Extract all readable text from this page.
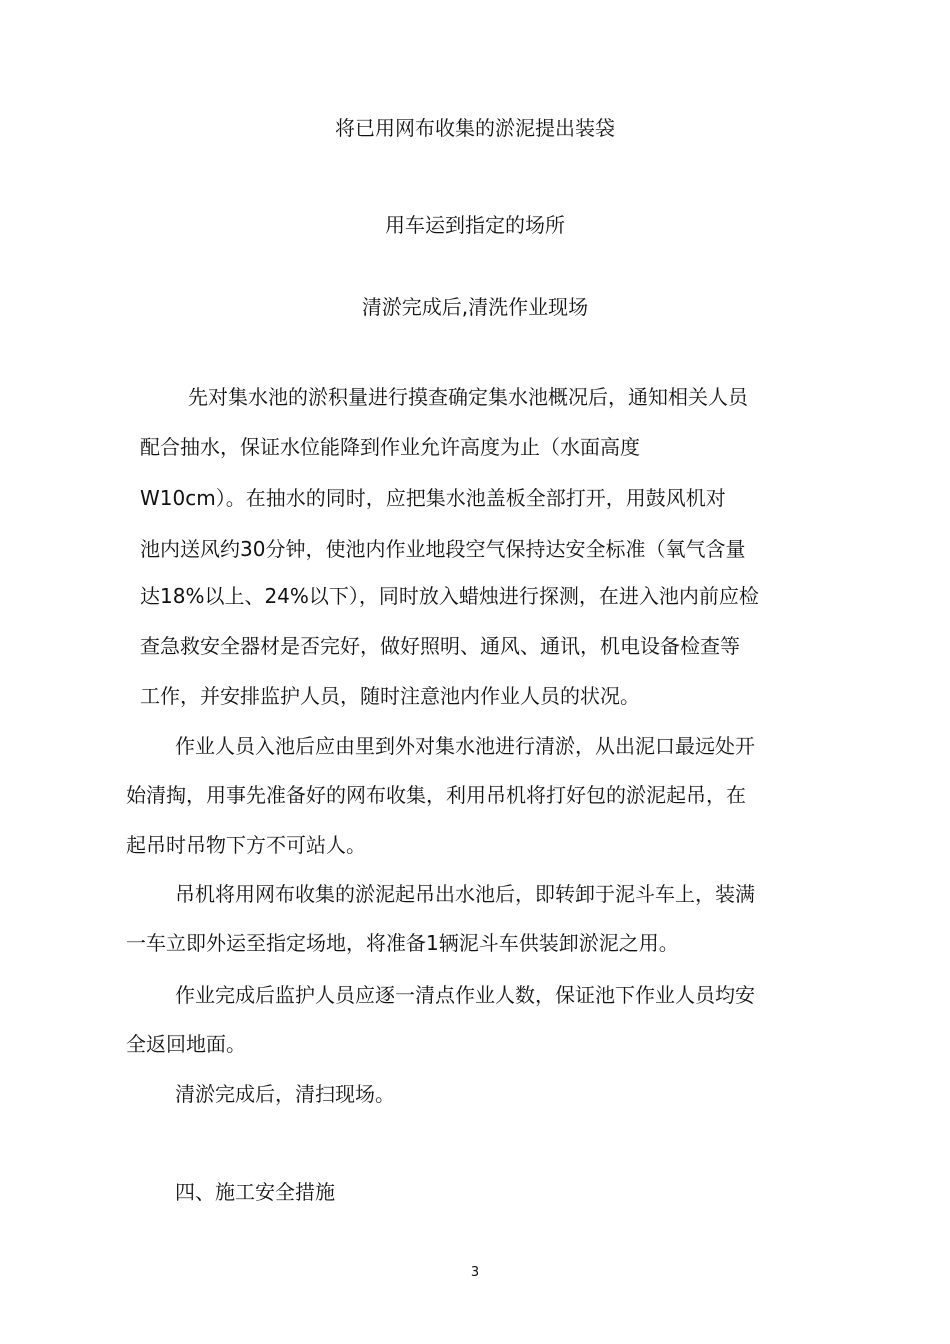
将已用网布收集的淤泥提出装袋
用车运到指定的场所
清淤完成后,清洗作业现场
先对集水池的淤积量进行摸查确定集水池概况后，通知相关人员
配合抽水，保证水位能降到作业允许高度为止（水面高度
W10cm）。在抽水的同时，应把集水池盖板全部打开，用鼓风机对
池内送风约30分钟，使池内作业地段空气保持达安全标准（氧气含量
达18%以上、24%以下），同时放入蜡烛进行探测，在进入池内前应检
查急救安全器材是否完好，做好照明、通风、通讯，机电设备检查等
工作，并安排监护人员，随时注意池内作业人员的状况。
作业人员入池后应由里到外对集水池进行清淤，从出泥口最远处开
始清掏，用事先准备好的网布收集，利用吊机将打好包的淤泥起吊，在
起吊时吊物下方不可站人。
吊机将用网布收集的淤泥起吊出水池后，即转卸于泥斗车上，装满
一车立即外运至指定场地，将准备1辆泥斗车供装卸淤泥之用。
作业完成后监护人员应逐一清点作业人数，保证池下作业人员均安
全返回地面。
清淤完成后，清扫现场。
四、施工安全措施
3
